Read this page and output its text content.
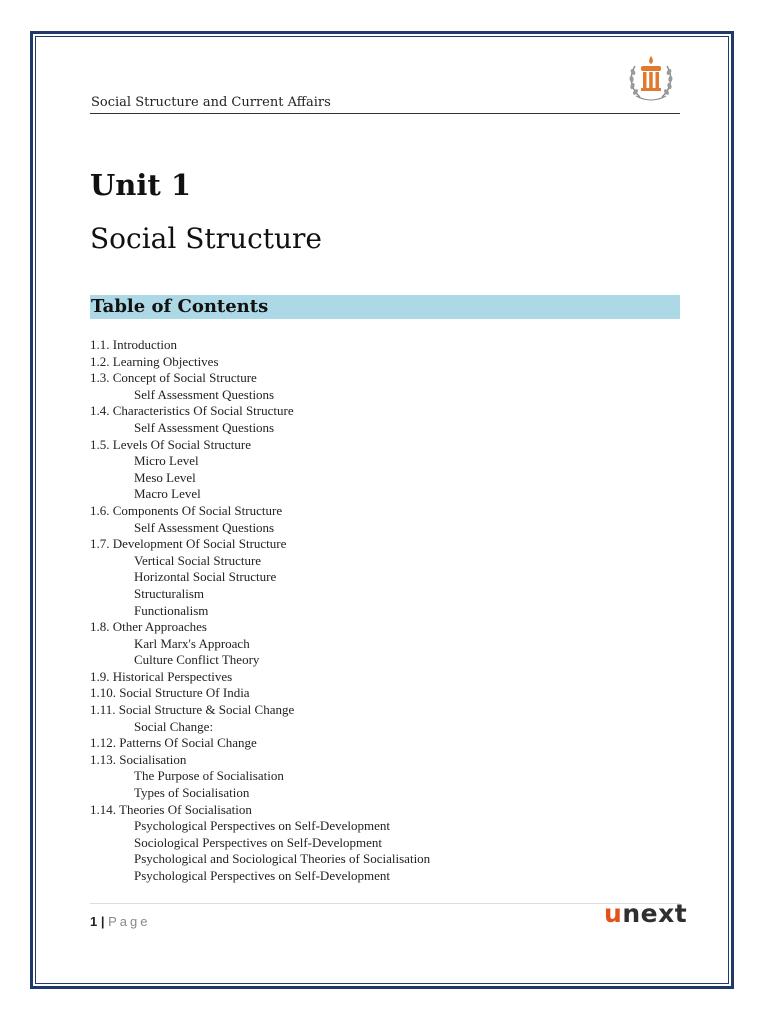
Social Structure and Current Affairs
Unit 1
Social Structure
Table of Contents
1.1. Introduction
1.2. Learning Objectives
1.3. Concept of Social Structure
Self Assessment Questions
1.4. Characteristics Of Social Structure
Self Assessment Questions
1.5. Levels Of Social Structure
Micro Level
Meso Level
Macro Level
1.6. Components Of Social Structure
Self Assessment Questions
1.7. Development Of Social Structure
Vertical Social Structure
Horizontal Social Structure
Structuralism
Functionalism
1.8. Other Approaches
Karl Marx's Approach
Culture Conflict Theory
1.9. Historical Perspectives
1.10. Social Structure Of India
1.11. Social Structure & Social Change
Social Change:
1.12. Patterns Of Social Change
1.13. Socialisation
The Purpose of Socialisation
Types of Socialisation
1.14. Theories Of Socialisation
Psychological Perspectives on Self-Development
Sociological Perspectives on Self-Development
Psychological and Sociological Theories of Socialisation
Psychological Perspectives on Self-Development
1 | Page	unext
